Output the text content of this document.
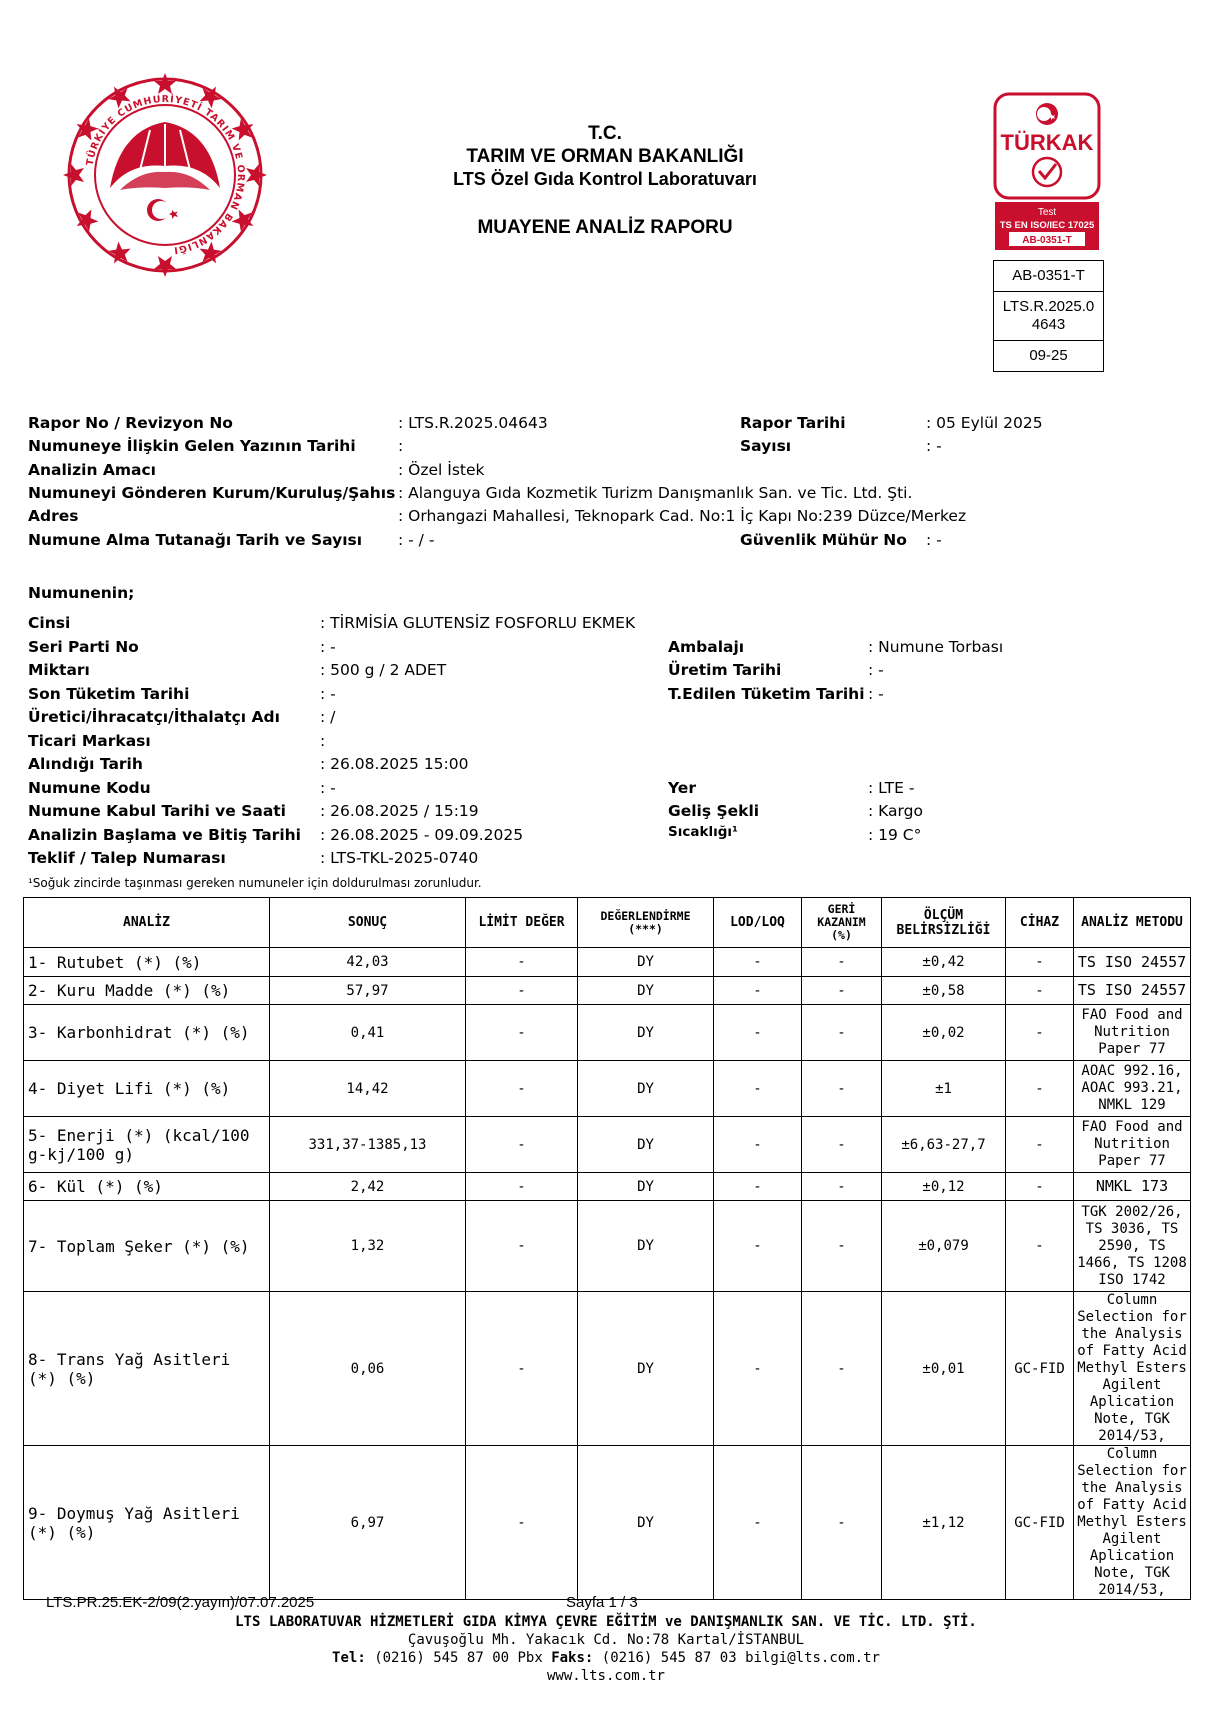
TÜRKİYE CUMHURİYETİ TARIM VE ORMAN BAKANLIĞI
T.C.
TARIM VE ORMAN BAKANLIĞI
LTS Özel Gıda Kontrol Laboratuvarı
MUAYENE ANALİZ RAPORU
TÜRKAK
Test
TS EN ISO/IEC 17025
AB-0351-T
AB-0351-T
LTS.R.2025.0
4643
09-25
Rapor No / Revizyon No	: LTS.R.2025.04643	Rapor Tarihi	: 05 Eylül 2025
Numuneye İlişkin Gelen Yazının Tarihi	:	Sayısı	: -
Analizin Amacı	: Özel İstek
Numuneyi Gönderen Kurum/Kuruluş/Şahıs : Alanguya Gıda Kozmetik Turizm Danışmanlık San. ve Tic. Ltd. Şti.
Adres	: Orhangazi Mahallesi, Teknopark Cad. No:1 İç Kapı No:239 Düzce/Merkez
Numune Alma Tutanağı Tarih ve Sayısı : - / -	Güvenlik Mühür No : -
Numunenin;
Cinsi	: TİRMİSİA GLUTENSİZ FOSFORLU EKMEK
Seri Parti No	: -	Ambalajı	: Numune Torbası
Miktarı	: 500 g / 2 ADET	Üretim Tarihi	: -
Son Tüketim Tarihi	: -	T.Edilen Tüketim Tarihi : -
Üretici/İhracatçı/İthalatçı Adı	: /
Ticari Markası	:
Alındığı Tarih	: 26.08.2025 15:00
Numune Kodu	: -	Yer	: LTE -
Numune Kabul Tarihi ve Saati : 26.08.2025 / 15:19	Geliş Şekli	: Kargo
Analizin Başlama ve Bitiş Tarihi : 26.08.2025 - 09.09.2025	Sıcaklığı¹	: 19 C°
Teklif / Talep Numarası	: LTS-TKL-2025-0740
¹Soğuk zincirde taşınması gereken numuneler için doldurulması zorunludur.
ANALİZ	SONUÇ	LİMİT DEĞER	DEĞERLENDİRME (***)	LOD/LOQ	GERİ KAZANIM (%)	ÖLÇÜM BELİRSİZLİĞİ	CİHAZ	ANALİZ METODU
1- Rutubet (*) (%)	42,03	-	DY	-	-	±0,42	-	TS ISO 24557
2- Kuru Madde (*) (%)	57,97	-	DY	-	-	±0,58	-	TS ISO 24557
3- Karbonhidrat (*) (%)	0,41	-	DY	-	-	±0,02	-	FAO Food and Nutrition Paper 77
4- Diyet Lifi (*) (%)	14,42	-	DY	-	-	±1	-	AOAC 992.16, AOAC 993.21, NMKL 129
5- Enerji (*) (kcal/100 g-kj/100 g)	331,37-1385,13	-	DY	-	-	±6,63-27,7	-	FAO Food and Nutrition Paper 77
6- Kül (*) (%)	2,42	-	DY	-	-	±0,12	-	NMKL 173
7- Toplam Şeker (*) (%)	1,32	-	DY	-	-	±0,079	-	TGK 2002/26, TS 3036, TS 2590, TS 1466, TS 1208 ISO 1742
8- Trans Yağ Asitleri (*) (%)	0,06	-	DY	-	-	±0,01	GC-FID	Column Selection for the Analysis of Fatty Acid Methyl Esters Agilent Aplication Note, TGK 2014/53,
9- Doymuş Yağ Asitleri (*) (%)	6,97	-	DY	-	-	±1,12	GC-FID	Column Selection for the Analysis of Fatty Acid Methyl Esters Agilent Aplication Note, TGK 2014/53,
LTS.PR.25.EK-2/09(2.yayın)/07.07.2025	Sayfa 1 / 3
LTS LABORATUVAR HİZMETLERİ GIDA KİMYA ÇEVRE EĞİTİM ve DANIŞMANLIK SAN. VE TİC. LTD. ŞTİ.
Çavuşoğlu Mh. Yakacık Cd. No:78 Kartal/İSTANBUL
Tel: (0216) 545 87 00 Pbx Faks: (0216) 545 87 03 bilgi@lts.com.tr
www.lts.com.tr
